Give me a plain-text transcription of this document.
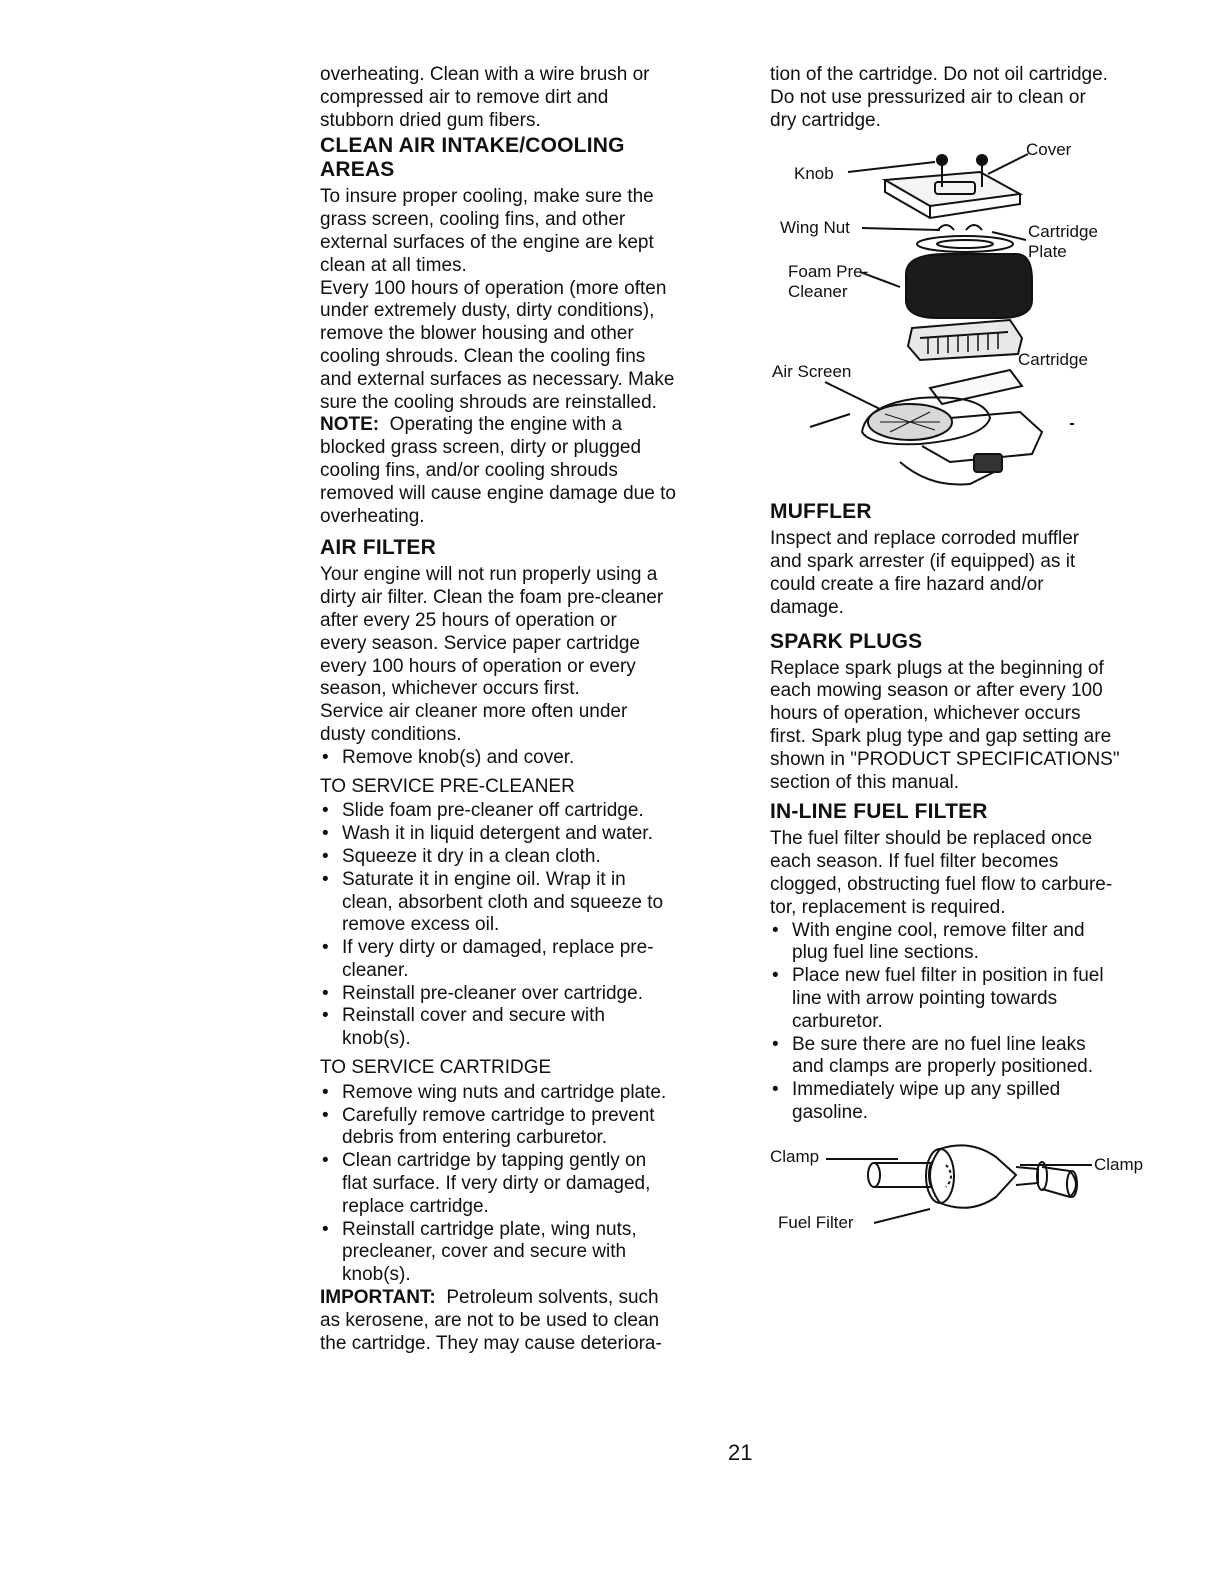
overheating. Clean with a wire brush or
compressed air to remove dirt and
stubborn dried gum fibers.
CLEAN AIR INTAKE/COOLING
AREAS
To insure proper cooling, make sure the
grass screen, cooling fins, and other
external surfaces of the engine are kept
clean at all times.
Every 100 hours of operation (more often
under extremely dusty, dirty conditions),
remove the blower housing and other
cooling shrouds. Clean the cooling fins
and external surfaces as necessary. Make
sure the cooling shrouds are reinstalled.
NOTE: Operating the engine with a
blocked grass screen, dirty or plugged
cooling fins, and/or cooling shrouds
removed will cause engine damage due to
overheating.
AIR FILTER
Your engine will not run properly using a
dirty air filter. Clean the foam pre-cleaner
after every 25 hours of operation or
every season. Service paper cartridge
every 100 hours of operation or every
season, whichever occurs first.
Service air cleaner more often under
dusty conditions.
• Remove knob(s) and cover.
TO SERVICE PRE-CLEANER
• Slide foam pre-cleaner off cartridge.
• Wash it in liquid detergent and water.
• Squeeze it dry in a clean cloth.
• Saturate it in engine oil. Wrap it in
clean, absorbent cloth and squeeze to
remove excess oil.
• If very dirty or damaged, replace pre-
cleaner.
• Reinstall pre-cleaner over cartridge.
• Reinstall cover and secure with
knob(s).
TO SERVICE CARTRIDGE
• Remove wing nuts and cartridge plate.
• Carefully remove cartridge to prevent
debris from entering carburetor.
• Clean cartridge by tapping gently on
flat surface. If very dirty or damaged,
replace cartridge.
• Reinstall cartridge plate, wing nuts,
precleaner, cover and secure with
knob(s).
IMPORTANT: Petroleum solvents, such
as kerosene, are not to be used to clean
the cartridge. They may cause deteriora-
tion of the cartridge. Do not oil cartridge.
Do not use pressurized air to clean or
dry cartridge.
Knob
Cover
Wing Nut	Cartridge
Plate
Foam Pre-
Cleaner
Air Screen
Cartridge
MUFFLER
Inspect and replace corroded muffler
and spark arrester (if equipped) as it
could create a fire hazard and/or
damage.
SPARK PLUGS
Replace spark plugs at the beginning of
each mowing season or after every 100
hours of operation, whichever occurs
first. Spark plug type and gap setting are
shown in "PRODUCT SPECIFICATIONS"
section of this manual.
IN-LINE FUEL FILTER
The fuel filter should be replaced once
each season. If fuel filter becomes
clogged, obstructing fuel flow to carbure-
tor, replacement is required.
• With engine cool, remove filter and
plug fuel line sections.
• Place new fuel filter in position in fuel
line with arrow pointing towards
carburetor.
• Be sure there are no fuel line leaks
and clamps are properly positioned.
• Immediately wipe up any spilled
gasoline.
Clamp	Clamp
Fuel Filter
21
